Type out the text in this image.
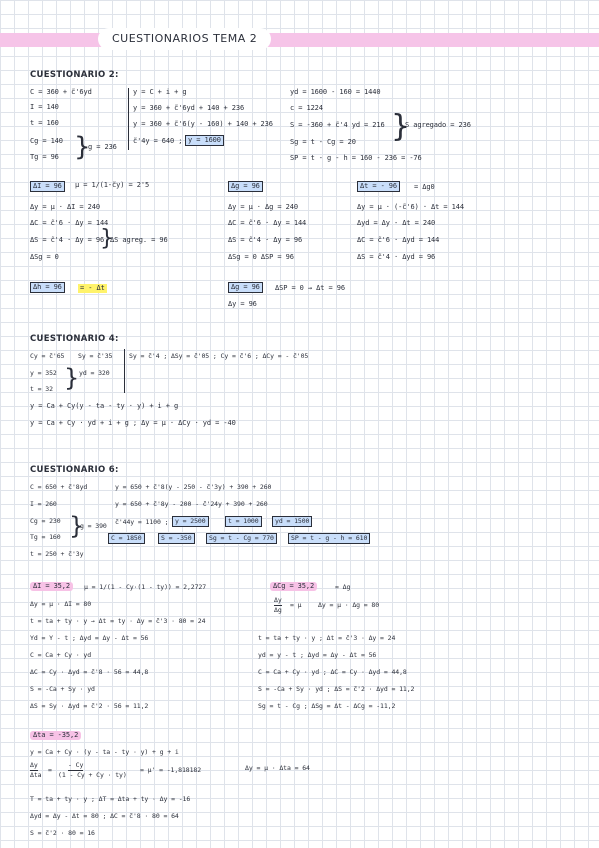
CUESTIONARIOS TEMA 2
CUESTIONARIO 2:
C = 360 + c̃'6yd
I = 140
t = 160
Cg = 140
Tg = 96 }
g = 236
y = C + i + g
y = 360 + c̃'6yd + 140 + 236
y = 360 + c̃'6(y - 160) + 140 + 236
c̃'4y = 640 ; y = 1600
yd = 1600 - 160 = 1440
c = 1224
S = -360 + c̃'4 yd = 216
Sg = t - Cg = 20
SP = t - g - h = 160 - 236 = -76
}
S agregado = 236
ΔI = 96	μ = 1/(1-c̃y) = 2'5
Δy = μ · ΔI = 240
ΔC = c̃'6 · Δy = 144
ΔS = c̃'4 · Δy = 96
ΔSg = 0
}
ΔS agreg. = 96
Δg = 96
Δy = μ · Δg = 240
ΔC = c̃'6 · Δy = 144
ΔS = c̃'4 · Δy = 96
ΔSg = 0 ΔSP = 96
Δt = - 96	= Δg0
Δy = μ · (-c̃'6) · Δt = 144
Δyd = Δy - Δt = 240
ΔC = c̃'6 · Δyd = 144
ΔS = c̃'4 · Δyd = 96
Δh = 96	= - Δt	Δg = 96	ΔSP = 0 → Δt = 96
Δy = 96
CUESTIONARIO 4:
Cy = c̃'65 Sy = c̃'35	Sy = c̃'4 ; ΔSy = c̃'05 ; Cy = c̃'6 ; ΔCy = - c̃'05
y = 352	yd = 320
t = 32 }
y = Ca + Cy(y - ta - ty · y) + i + g
y = Ca + Cy · yd + i + g ; Δy = μ · ΔCy · yd = -40
CUESTIONARIO 6:
C = 650 + c̃'8yd
I = 260
Cg = 230
Tg = 160
t = 250 + c̃'3y
}
g = 390
y = 650 + c̃'8(y - 250 - c̃'3y) + 390 + 260
y = 650 + c̃'8y - 200 - c̃'24y + 390 + 260
c̃'44y = 1100 ;	y = 2500	t = 1000	yd = 1500
C = 1850	S = -350	Sg = t - Cg = 770	SP = t - g - h = 610
ΔI = 35,2	μ = 1/(1 - Cy·(1 - ty)) = 2,2727
Δy = μ · ΔI = 80
t = ta + ty · y → Δt = ty · Δy = c̃'3 · 80 = 24
Yd = Y - t ; Δyd = Δy - Δt = 56
C = Ca + Cy · yd
ΔC = Cy · Δyd = c̃'8 · 56 = 44,8
S = -Ca + Sy · yd
ΔS = Sy · Δyd = c̃'2 · 56 = 11,2
ΔCg = 35,2	= Δg
Δy
Δg
= μ	Δy = μ · Δg = 80
t = ta + ty · y ; Δt = c̃'3 · Δy = 24
yd = y - t ; Δyd = Δy - Δt = 56
C = Ca + Cy · yd ; ΔC = Cy · Δyd = 44,8
S = -Ca + Sy · yd ; ΔS = c̃'2 · Δyd = 11,2
Sg = t - Cg ; ΔSg = Δt - ΔCg = -11,2
Δta = -35,2
y = Ca + Cy · (y - ta - ty · y) + g + i
Δy
Δta
=
- Cy
(1 - Cy + Cy · ty)
= μ' = -1,818182	Δy = μ · Δta = 64
T = ta + ty · y ; ΔT = Δta + ty · Δy = -16
Δyd = Δy - Δt = 80 ; ΔC = c̃'8 · 80 = 64
S = c̃'2 · 80 = 16
